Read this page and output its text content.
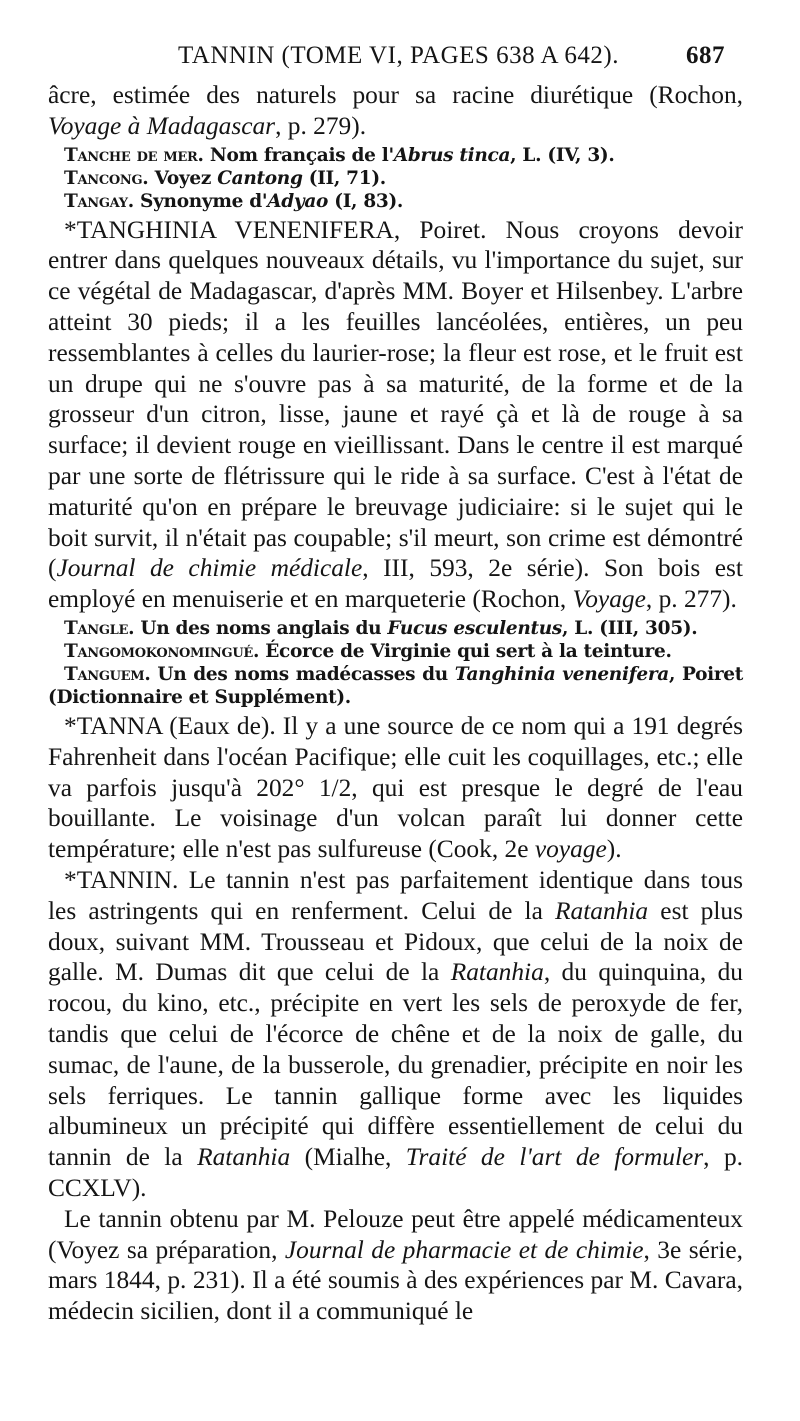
TANNIN (TOME VI, PAGES 638 A 642).	687

âcre, estimée des naturels pour sa racine diurétique (Rochon, Voyage à Madagascar, p. 279).

Tanche de mer. Nom français de l'Abrus tinca, L. (IV, 3).

Tancong. Voyez Cantong (II, 71).

Tangay. Synonyme d'Adyao (I, 83).

*TANGHINIA VENENIFERA, Poiret. Nous croyons devoir entrer dans quelques nouveaux détails, vu l'importance du sujet, sur ce végétal de Madagascar, d'après MM. Boyer et Hilsenbey. L'arbre atteint 30 pieds; il a les feuilles lancéolées, entières, un peu ressemblantes à celles du laurier-rose; la fleur est rose, et le fruit est un drupe qui ne s'ouvre pas à sa maturité, de la forme et de la grosseur d'un citron, lisse, jaune et rayé çà et là de rouge à sa surface; il devient rouge en vieillissant. Dans le centre il est marqué par une sorte de flétrissure qui le ride à sa surface. C'est à l'état de maturité qu'on en prépare le breuvage judiciaire: si le sujet qui le boit survit, il n'était pas coupable; s'il meurt, son crime est démontré (Journal de chimie médicale, III, 593, 2e série). Son bois est employé en menuiserie et en marqueterie (Rochon, Voyage, p. 277).

Tangle. Un des noms anglais du Fucus esculentus, L. (III, 305).

Tangomokonomingué. Écorce de Virginie qui sert à la teinture.

Tanguem. Un des noms madécasses du Tanghinia venenifera, Poiret (Dictionnaire et Supplément).

*TANNA (Eaux de). Il y a une source de ce nom qui a 191 degrés Fahrenheit dans l'océan Pacifique; elle cuit les coquillages, etc.; elle va parfois jusqu'à 202° 1/2, qui est presque le degré de l'eau bouillante. Le voisinage d'un volcan paraît lui donner cette température; elle n'est pas sulfureuse (Cook, 2e voyage).

*TANNIN. Le tannin n'est pas parfaitement identique dans tous les astringents qui en renferment. Celui de la Ratanhia est plus doux, suivant MM. Trousseau et Pidoux, que celui de la noix de galle. M. Dumas dit que celui de la Ratanhia, du quinquina, du rocou, du kino, etc., précipite en vert les sels de peroxyde de fer, tandis que celui de l'écorce de chêne et de la noix de galle, du sumac, de l'aune, de la busserole, du grenadier, précipite en noir les sels ferriques. Le tannin gallique forme avec les liquides albumineux un précipité qui diffère essentiellement de celui du tannin de la Ratanhia (Mialhe, Traité de l'art de formuler, p. CCXLV).

Le tannin obtenu par M. Pelouze peut être appelé médicamenteux (Voyez sa préparation, Journal de pharmacie et de chimie, 3e série, mars 1844, p. 231). Il a été soumis à des expériences par M. Cavara, médecin sicilien, dont il a communiqué le
